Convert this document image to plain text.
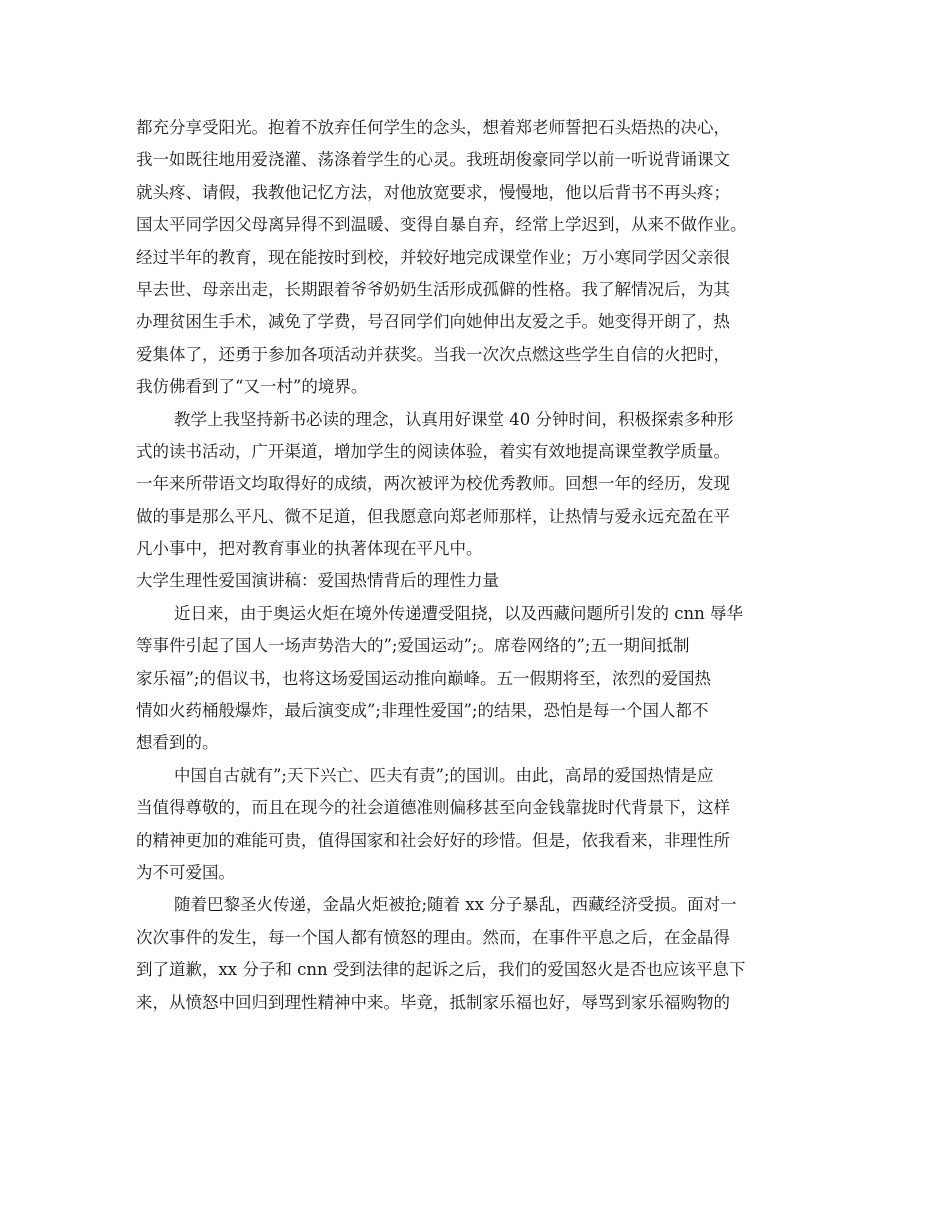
都充分享受阳光。抱着不放弃任何学生的念头，想着郑老师誓把石头焐热的决心，

我一如既往地用爱浇灌、荡涤着学生的心灵。我班胡俊豪同学以前一听说背诵课文

就头疼、请假，我教他记忆方法，对他放宽要求，慢慢地，他以后背书不再头疼；

国太平同学因父母离异得不到温暖、变得自暴自弃，经常上学迟到，从来不做作业。

经过半年的教育，现在能按时到校，并较好地完成课堂作业；万小寒同学因父亲很

早去世、母亲出走，长期跟着爷爷奶奶生活形成孤僻的性格。我了解情况后，为其

办理贫困生手术，减免了学费，号召同学们向她伸出友爱之手。她变得开朗了，热

爱集体了，还勇于参加各项活动并获奖。当我一次次点燃这些学生自信的火把时，

我仿佛看到了“又一村”的境界。

教学上我坚持新书必读的理念，认真用好课堂 40 分钟时间，积极探索多种形

式的读书活动，广开渠道，增加学生的阅读体验，着实有效地提高课堂教学质量。

一年来所带语文均取得好的成绩，两次被评为校优秀教师。回想一年的经历，发现

做的事是那么平凡、微不足道，但我愿意向郑老师那样，让热情与爱永远充盈在平

凡小事中，把对教育事业的执著体现在平凡中。

大学生理性爱国演讲稿：爱国热情背后的理性力量

近日来，由于奥运火炬在境外传递遭受阻挠，以及西藏问题所引发的 cnn 辱华

等事件引起了国人一场声势浩大的”;爱国运动”;。席卷网络的”;五一期间抵制

家乐福”;的倡议书，也将这场爱国运动推向巅峰。五一假期将至，浓烈的爱国热

情如火药桶般爆炸，最后演变成”;非理性爱国”;的结果，恐怕是每一个国人都不

想看到的。

中国自古就有”;天下兴亡、匹夫有责”;的国训。由此，高昂的爱国热情是应

当值得尊敬的，而且在现今的社会道德准则偏移甚至向金钱靠拢时代背景下，这样

的精神更加的难能可贵，值得国家和社会好好的珍惜。但是，依我看来，非理性所

为不可爱国。

随着巴黎圣火传递，金晶火炬被抢;随着 xx 分子暴乱，西藏经济受损。面对一

次次事件的发生，每一个国人都有愤怒的理由。然而，在事件平息之后，在金晶得

到了道歉，xx 分子和 cnn 受到法律的起诉之后，我们的爱国怒火是否也应该平息下

来，从愤怒中回归到理性精神中来。毕竟，抵制家乐福也好，辱骂到家乐福购物的
